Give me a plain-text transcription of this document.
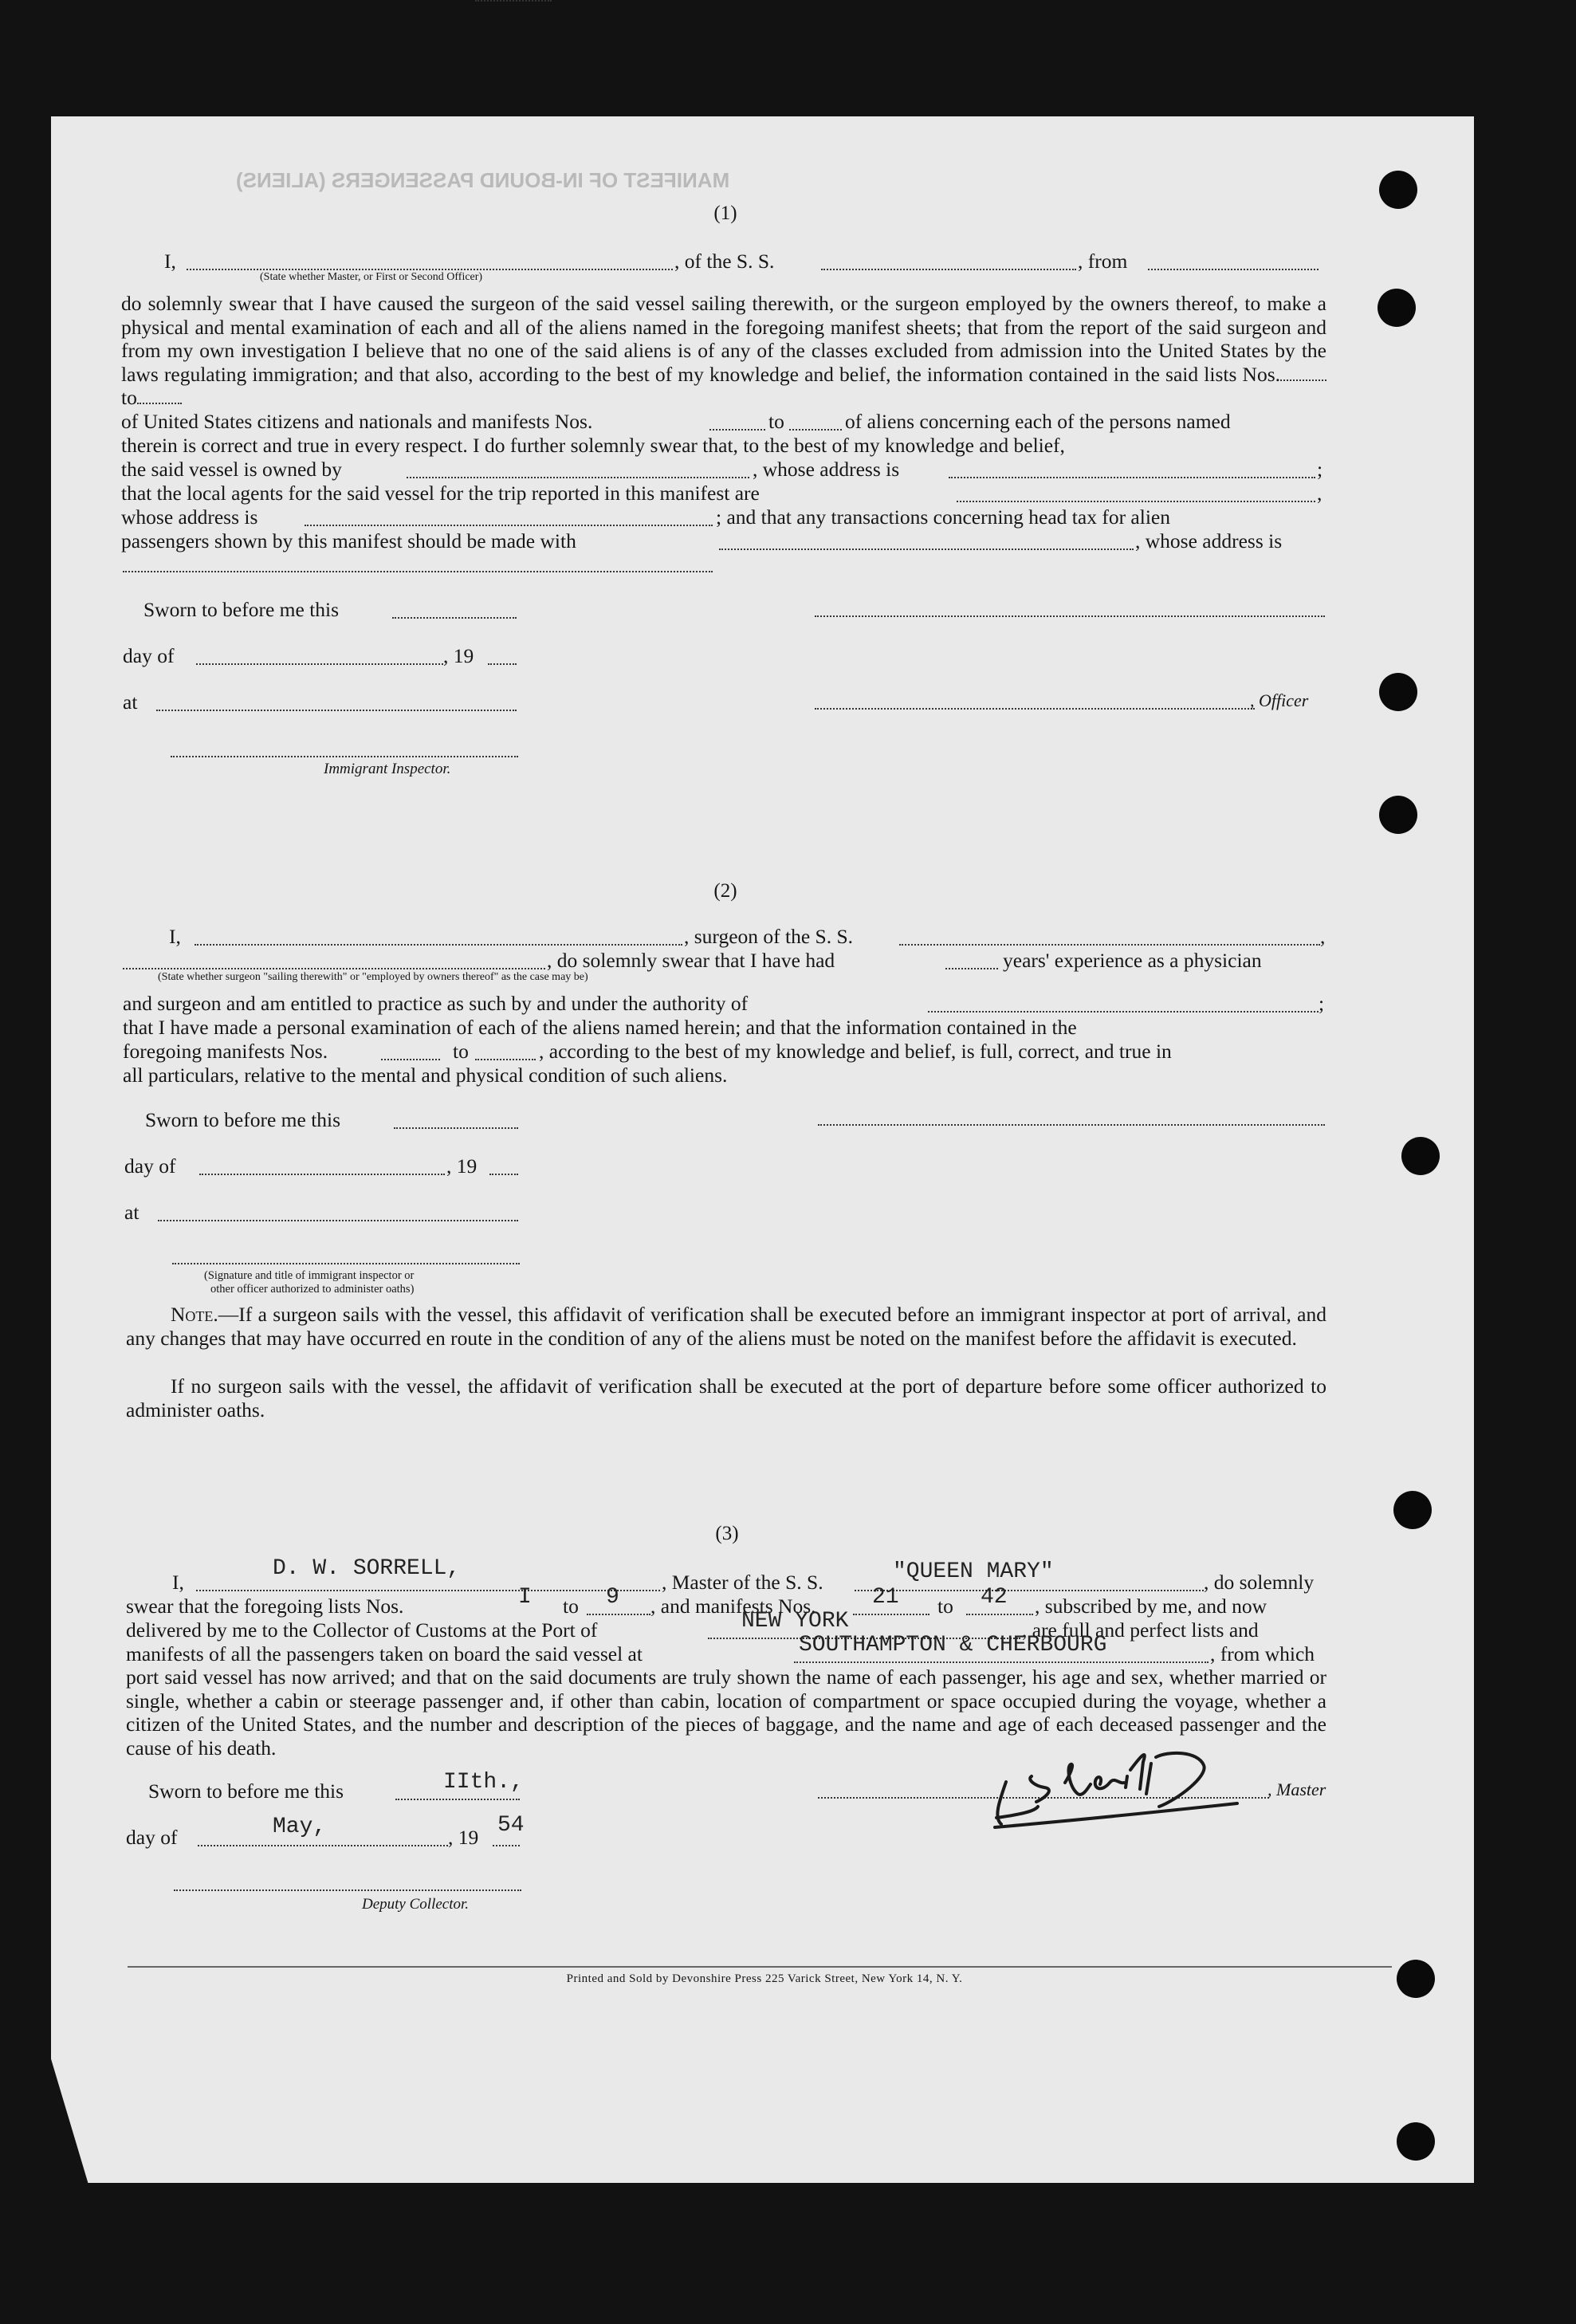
MANIFEST OF IN-BOUND PASSENGERS (ALIENS)
(1)
I,	, of the S. S.	, from
(State whether Master, or First or Second Officer)
do solemnly swear that I have caused the surgeon of the said vessel sailing therewith, or the surgeon employed by the owners thereof, to make a physical and mental examination of each and all of the aliens named in the foregoing manifest sheets; that from the report of the said surgeon and from my own investigation I believe that no one of the said aliens is of any of the classes excluded from admission into the United States by the laws regulating immigration; and that also, according to the best of my knowledge and belief, the information contained in the said lists Nos. to
of United States citizens and nationals and manifests Nos.	to	of aliens concerning each of the persons named
therein is correct and true in every respect. I do further solemnly swear that, to the best of my knowledge and belief,
the said vessel is owned by	, whose address is	;
that the local agents for the said vessel for the trip reported in this manifest are	,
whose address is	; and that any transactions concerning head tax for alien
passengers shown by this manifest should be made with	, whose address is
Sworn to before me this
day of	, 19
at	, Officer
Immigrant Inspector.
(2)
I,	, surgeon of the S. S.	,
, do solemnly swear that I have had	years' experience as a physician
(State whether surgeon "sailing therewith" or "employed by owners thereof" as the case may be)
and surgeon and am entitled to practice as such by and under the authority of	;
that I have made a personal examination of each of the aliens named herein; and that the information contained in the
foregoing manifests Nos.	to	, according to the best of my knowledge and belief, is full, correct, and true in
all particulars, relative to the mental and physical condition of such aliens.
Sworn to before me this
day of	, 19
at
(Signature and title of immigrant inspector or
other officer authorized to administer oaths)
Note.—If a surgeon sails with the vessel, this affidavit of verification shall be executed before an immigrant inspector at port of arrival, and any changes that may have occurred en route in the condition of any of the aliens must be noted on the manifest before the affidavit is executed.
If no surgeon sails with the vessel, the affidavit of verification shall be executed at the port of departure before some officer authorized to administer oaths.
(3)
I,
D. W. SORRELL,
, Master of the S. S.	"QUEEN MARY"	, do solemnly
swear that the foregoing lists Nos.	I to 9 , and manifests Nos.	21 to 42 , subscribed by me, and now
delivered by me to the Collector of Customs at the Port of	NEW YORK	, are full and perfect lists and
manifests of all the passengers taken on board the said vessel at	SOUTHAMPTON & CHERBOURG	, from which
port said vessel has now arrived; and that on the said documents are truly shown the name of each passenger, his age and sex, whether married or single, whether a cabin or steerage passenger and, if other than cabin, location of compartment or space occupied during the voyage, whether a citizen of the United States, and the number and description of the pieces of baggage, and the name and age of each deceased passenger and the cause of his death.
Sworn to before me this	IIth.,	, Master
day of	May,	, 19 54
Deputy Collector.
Printed and Sold by Devonshire Press 225 Varick Street, New York 14, N. Y.
